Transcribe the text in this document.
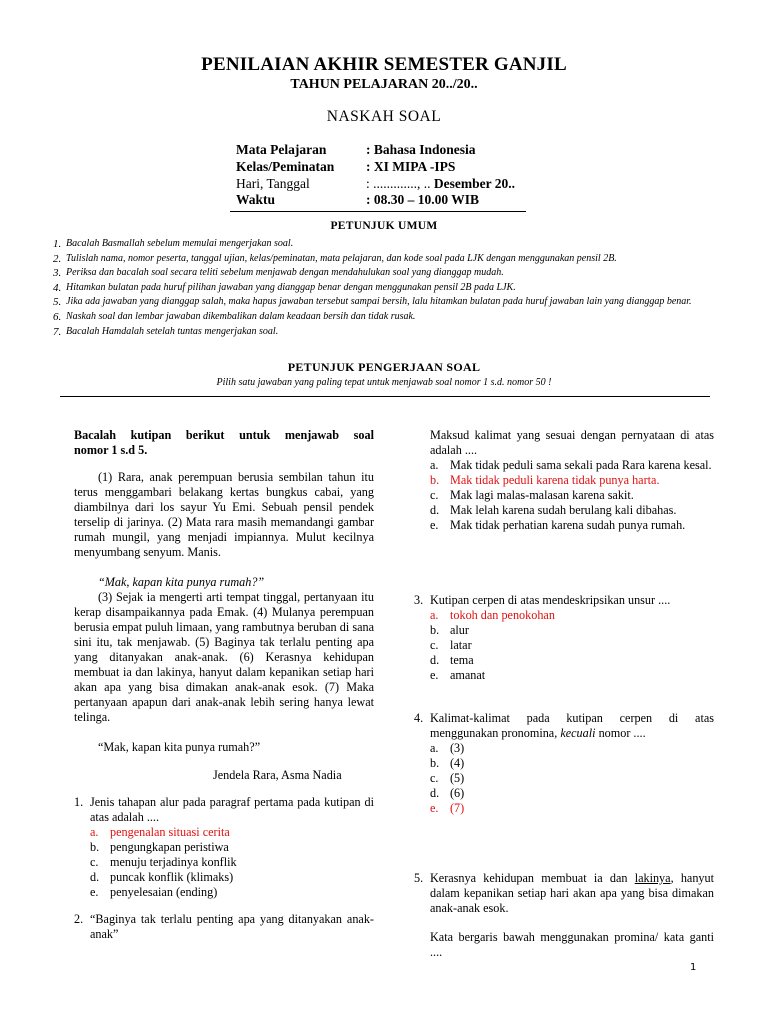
PENILAIAN AKHIR SEMESTER GANJIL
TAHUN PELAJARAN 20../20..
NASKAH SOAL
Mata Pelajaran	: Bahasa Indonesia
Kelas/Peminatan : XI MIPA -IPS
Hari, Tanggal	: ............., .. Desember 20..
Waktu	: 08.30 – 10.00 WIB
PETUNJUK UMUM
1. Bacalah Basmallah sebelum memulai mengerjakan soal.
2. Tulislah nama, nomor peserta, tanggal ujian, kelas/peminatan, mata pelajaran, dan kode soal pada LJK dengan menggunakan pensil 2B.
3. Periksa dan bacalah soal secara teliti sebelum menjawab dengan mendahulukan soal yang dianggap mudah.
4. Hitamkan bulatan pada huruf pilihan jawaban yang dianggap benar dengan menggunakan pensil 2B pada LJK.
5. Jika ada jawaban yang dianggap salah, maka hapus jawaban tersebut sampai bersih, lalu hitamkan bulatan pada huruf jawaban lain yang dianggap benar.
6. Naskah soal dan lembar jawaban dikembalikan dalam keadaan bersih dan tidak rusak.
7. Bacalah Hamdalah setelah tuntas mengerjakan soal.
PETUNJUK PENGERJAAN SOAL
Pilih satu jawaban yang paling tepat untuk menjawab soal nomor 1 s.d. nomor 50 !
Bacalah kutipan berikut untuk menjawab soal
nomor 1 s.d 5.
(1) Rara, anak perempuan berusia sembilan tahun itu terus menggambari belakang kertas bungkus cabai, yang diambilnya dari los sayur Yu Emi. Sebuah pensil pendek terselip di jarinya. (2) Mata rara masih memandangi gambar rumah mungil, yang menjadi impiannya. Mulut kecilnya menyumbang senyum. Manis.
“Mak, kapan kita punya rumah?”
(3) Sejak ia mengerti arti tempat tinggal, pertanyaan itu kerap disampaikannya pada Emak. (4) Mulanya perempuan berusia empat puluh limaan, yang rambutnya beruban di sana sini itu, tak menjawab. (5) Baginya tak terlalu penting apa yang ditanyakan anak-anak. (6) Kerasnya kehidupan membuat ia dan lakinya, hanyut dalam kepanikan setiap hari akan apa yang bisa dimakan anak-anak esok. (7) Maka pertanyaan apapun dari anak-anak lebih sering hanya lewat telinga.
“Mak, kapan kita punya rumah?”
Jendela Rara, Asma Nadia
1. Jenis tahapan alur pada paragraf pertama pada kutipan di atas adalah ....
a. pengenalan situasi cerita
b. pengungkapan peristiwa
c. menuju terjadinya konflik
d. puncak konflik (klimaks)
e. penyelesaian (ending)
2. “Baginya tak terlalu penting apa yang ditanyakan anak-anak”
Maksud kalimat yang sesuai dengan pernyataan di atas adalah ....
a. Mak tidak peduli sama sekali pada Rara karena kesal.
b. Mak tidak peduli karena tidak punya harta.
c. Mak lagi malas-malasan karena sakit.
d. Mak lelah karena sudah berulang kali dibahas.
e. Mak tidak perhatian karena sudah punya rumah.
3. Kutipan cerpen di atas mendeskripsikan unsur ....
a. tokoh dan penokohan
b. alur
c. latar
d. tema
e. amanat
4. Kalimat-kalimat pada kutipan cerpen di atas menggunakan pronomina, kecuali nomor ....
a. (3)
b. (4)
c. (5)
d. (6)
e. (7)
5. Kerasnya kehidupan membuat ia dan lakinya, hanyut dalam kepanikan setiap hari akan apa yang bisa dimakan anak-anak esok.
Kata bergaris bawah menggunakan promina/ kata ganti ....
1
